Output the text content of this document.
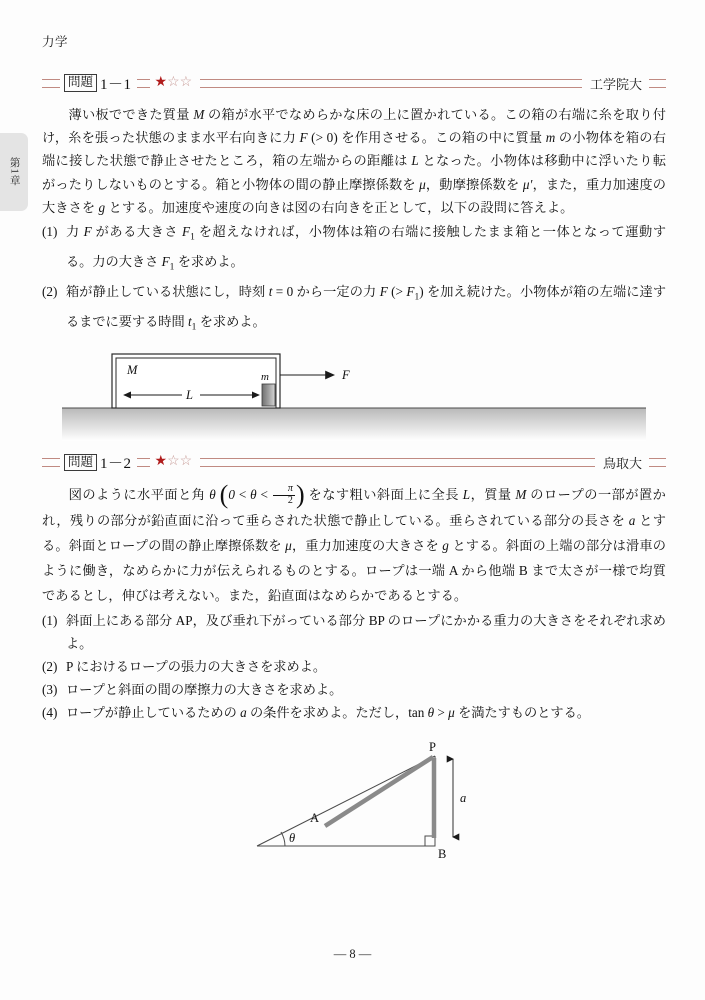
力学
第1章
問題 1－1 ★☆☆	工学院大

　薄い板でできた質量 M の箱が水平でなめらかな床の上に置かれている。この箱の右端に糸を取り付け，糸を張った状態のまま水平右向きに力 F (> 0) を作用させる。この箱の中に質量 m の小物体を箱の右端に接した状態で静止させたところ，箱の左端からの距離は L となった。小物体は移動中に浮いたり転がったりしないものとする。箱と小物体の間の静止摩擦係数を μ，動摩擦係数を μ′，また，重力加速度の大きさを g とする。加速度や速度の向きは図の右向きを正として，以下の設問に答えよ。

(1) 力 F がある大きさ $F_1$ を超えなければ，小物体は箱の右端に接触したまま箱と一体となって運動する。力の大きさ $F_1$ を求めよ。
(2) 箱が静止している状態にし，時刻 t = 0 から一定の力 F (> $F_1$) を加え続けた。小物体が箱の左端に達するまでに要する時間 $t_1$ を求めよ。
M	m
L
F
問題 1－2 ★☆☆	鳥取大

　図のように水平面と角 θ ($0 < \theta < \frac{\pi}{2}$ ) をなす粗い斜面上に全長 L，質量 M のロープの一部が置かれ，残りの部分が鉛直面に沿って垂らされた状態で静止している。垂らされている部分の長さを a とする。斜面とロープの間の静止摩擦係数を μ，重力加速度の大きさを g とする。斜面の上端の部分は滑車のように働き，なめらかに力が伝えられるものとする。ロープは一端 A から他端 B まで太さが一様で均質であるとし，伸びは考えない。また，鉛直面はなめらかであるとする。

(1) 斜面上にある部分 AP，及び垂れ下がっている部分 BP のロープにかかる重力の大きさをそれぞれ求めよ。
(2) P におけるロープの張力の大きさを求めよ。
(3) ロープと斜面の間の摩擦力の大きさを求めよ。
(4) ロープが静止しているための a の条件を求めよ。ただし，tan θ > μ を満たすものとする。
θ
P
A
B
a
— 8 —
